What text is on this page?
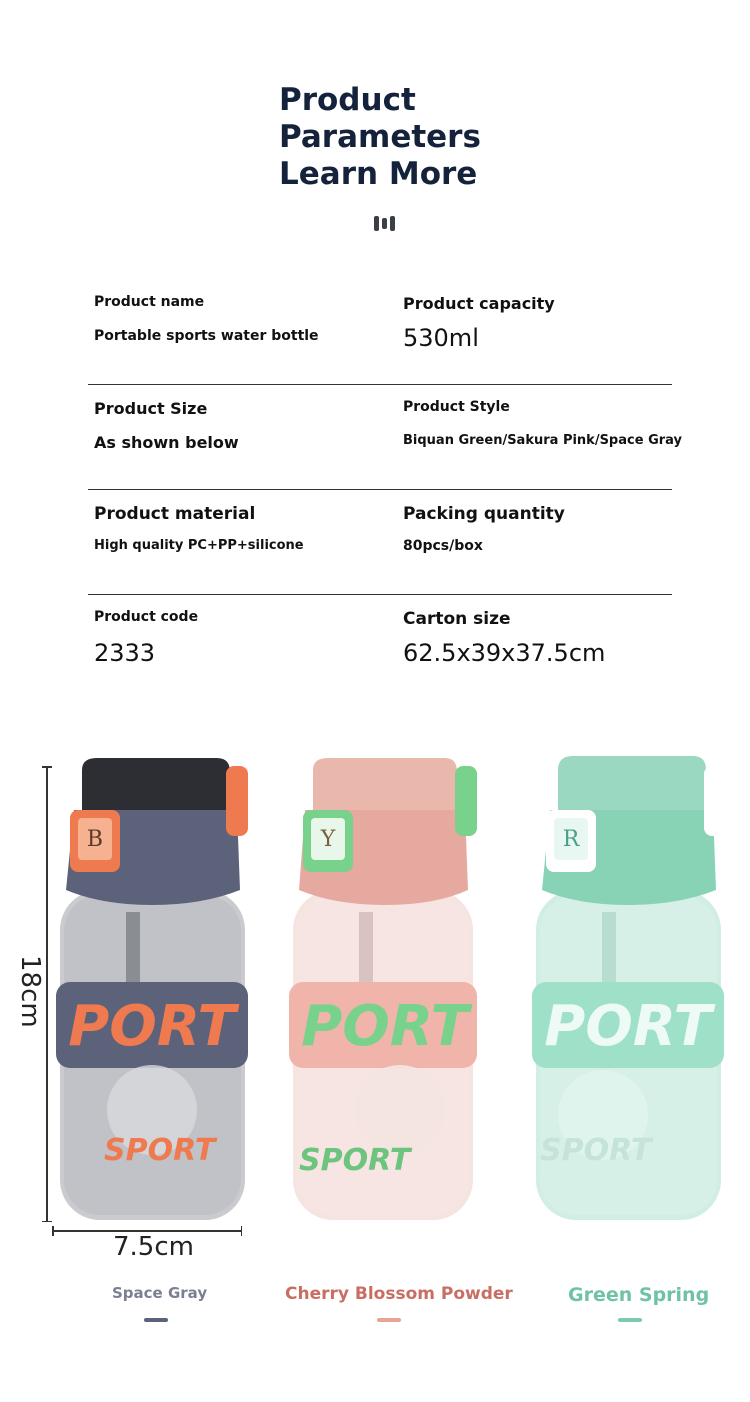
Product
Parameters
Learn More
Product name
Portable sports water bottle
Product capacity
530ml
Product Size
As shown below
Product Style
Biquan Green/Sakura Pink/Space Gray
Product material
High quality PC+PP+silicone
Packing quantity
80pcs/box
Product code
2333
Carton size
62.5x39x37.5cm
18cm
7.5cm
B
PORT
SPORT
Y
PORT
SPORT
R
PORT
SPORT
Space Gray	Cherry Blossom Powder	Green Spring
